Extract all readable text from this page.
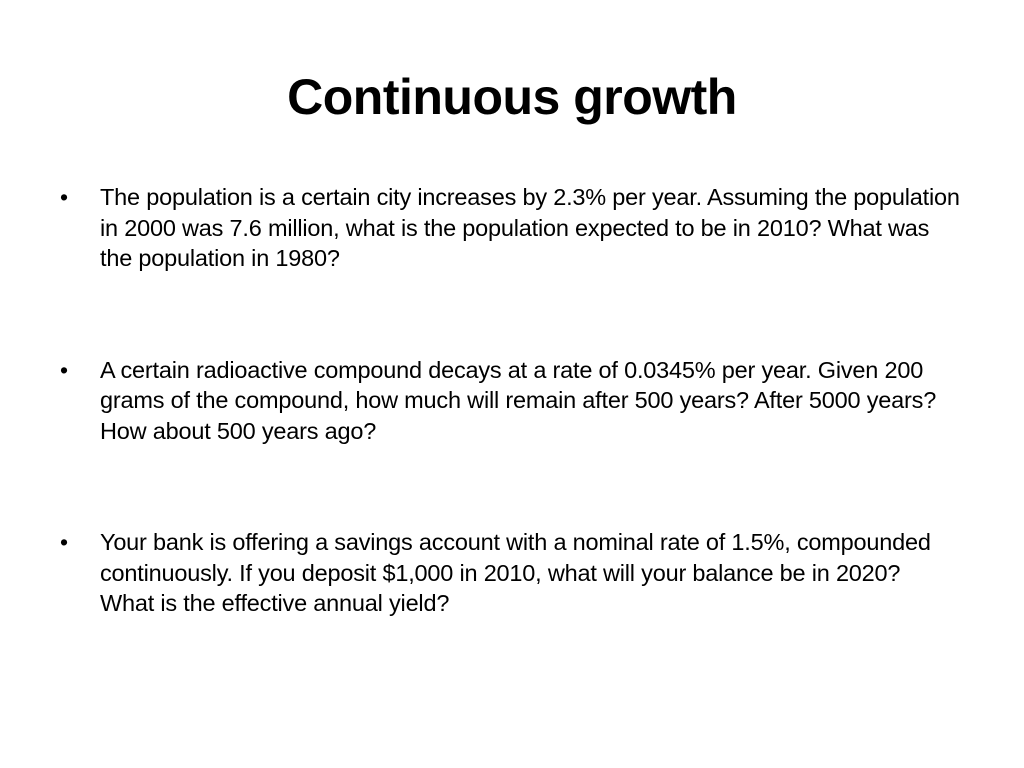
Continuous growth
•	The population is a certain city increases by 2.3% per year. Assuming the population in 2000 was 7.6 million, what is the population expected to be in 2010? What was the population in 1980?
•	A certain radioactive compound decays at a rate of 0.0345% per year. Given 200 grams of the compound, how much will remain after 500 years? After 5000 years? How about 500 years ago?
•	Your bank is offering a savings account with a nominal rate of 1.5%, compounded continuously. If you deposit $1,000 in 2010, what will your balance be in 2020? What is the effective annual yield?
